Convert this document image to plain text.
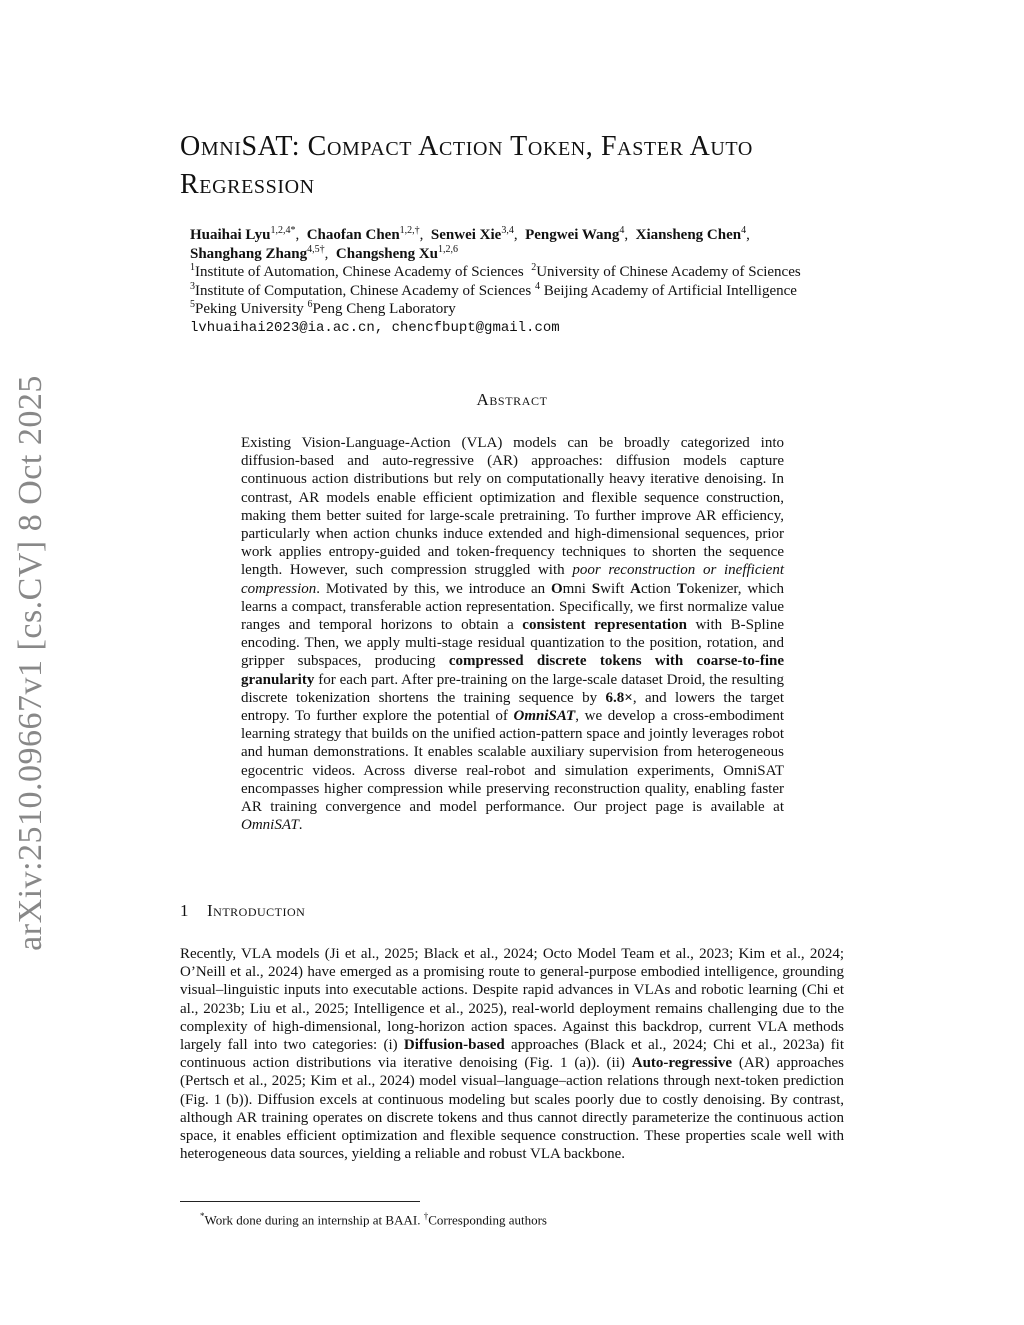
arXiv:2510.09667v1 [cs.CV] 8 Oct 2025
OmniSAT: Compact Action Token, Faster Auto Regression
Huaihai Lyu$^{1,2,4*}$,  Chaofan Chen$^{1,2,\dagger}$,  Senwei Xie$^{3,4}$,  Pengwei Wang$^4$,  Xiansheng Chen$^4$,
Shanghang Zhang$^{4,5\dagger}$,  Changsheng Xu$^{1,2,6}$
$^1$Institute of Automation, Chinese Academy of Sciences $^2$University of Chinese Academy of Sciences
$^3$Institute of Computation, Chinese Academy of Sciences $^4$ Beijing Academy of Artificial Intelligence
$^5$Peking University $^6$Peng Cheng Laboratory
lvhuaihai2023@ia.ac.cn, chencfbupt@gmail.com
Abstract

Existing Vision-Language-Action (VLA) models can be broadly categorized into diffusion-based and auto-regressive (AR) approaches: diffusion models capture continuous action distributions but rely on computationally heavy iterative denoising. In contrast, AR models enable efficient optimization and flexible sequence construction, making them better suited for large-scale pretraining. To further improve AR efficiency, particularly when action chunks induce extended and high-dimensional sequences, prior work applies entropy-guided and token-frequency techniques to shorten the sequence length. However, such compression struggled with poor reconstruction or inefficient compression. Motivated by this, we introduce an Omni Swift Action Tokenizer, which learns a compact, transferable action representation. Specifically, we first normalize value ranges and temporal horizons to obtain a consistent representation with B-Spline encoding. Then, we apply multi-stage residual quantization to the position, rotation, and gripper subspaces, producing compressed discrete tokens with coarse-to-fine granularity for each part. After pre-training on the large-scale dataset Droid, the resulting discrete tokenization shortens the training sequence by 6.8×, and lowers the target entropy. To further explore the potential of OmniSAT, we develop a cross-embodiment learning strategy that builds on the unified action-pattern space and jointly leverages robot and human demonstrations. It enables scalable auxiliary supervision from heterogeneous egocentric videos. Across diverse real-robot and simulation experiments, OmniSAT encompasses higher compression while preserving reconstruction quality, enabling faster AR training convergence and model performance. Our project page is available at OmniSAT.

1 Introduction

Recently, VLA models (Ji et al., 2025; Black et al., 2024; Octo Model Team et al., 2023; Kim et al., 2024; O’Neill et al., 2024) have emerged as a promising route to general-purpose embodied intelligence, grounding visual–linguistic inputs into executable actions. Despite rapid advances in VLAs and robotic learning (Chi et al., 2023b; Liu et al., 2025; Intelligence et al., 2025), real-world deployment remains challenging due to the complexity of high-dimensional, long-horizon action spaces. Against this backdrop, current VLA methods largely fall into two categories: (i) Diffusion-based approaches (Black et al., 2024; Chi et al., 2023a) fit continuous action distributions via iterative denoising (Fig. 1 (a)). (ii) Auto-regressive (AR) approaches (Pertsch et al., 2025; Kim et al., 2024) model visual–language–action relations through next-token prediction (Fig. 1 (b)). Diffusion excels at continuous modeling but scales poorly due to costly denoising. By contrast, although AR training operates on discrete tokens and thus cannot directly parameterize the continuous action space, it enables efficient optimization and flexible sequence construction. These properties scale well with heterogeneous data sources, yielding a reliable and robust VLA backbone.

*Work done during an internship at BAAI. †Corresponding authors
